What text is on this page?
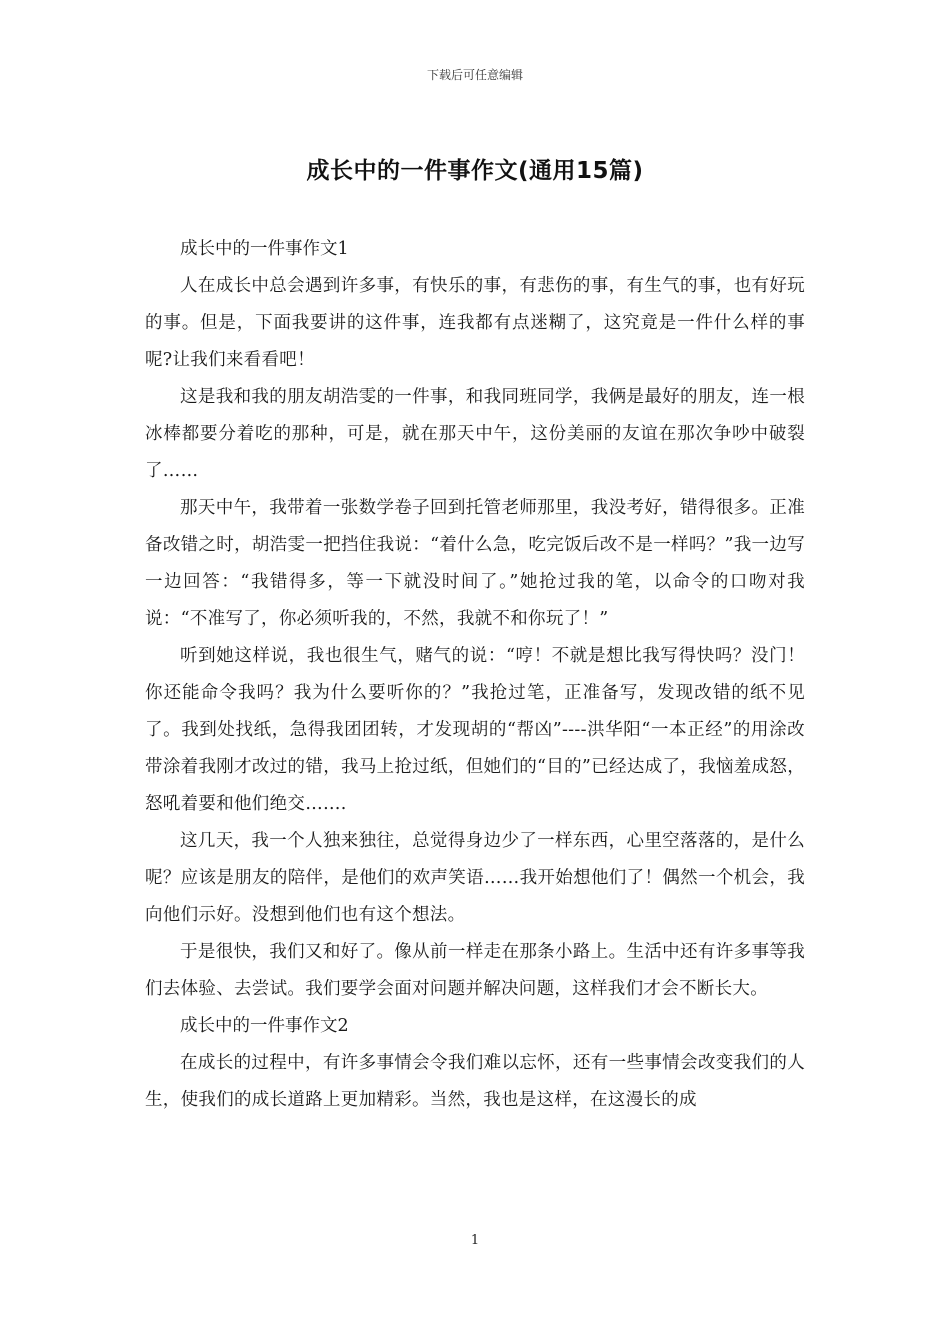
下载后可任意编辑
成长中的一件事作文(通用15篇)

成长中的一件事作文1

人在成长中总会遇到许多事，有快乐的事，有悲伤的事，有生气的事，也有好玩的事。但是，下面我要讲的这件事，连我都有点迷糊了，这究竟是一件什么样的事呢?让我们来看看吧！

这是我和我的朋友胡浩雯的一件事，和我同班同学，我俩是最好的朋友，连一根冰棒都要分着吃的那种，可是，就在那天中午，这份美丽的友谊在那次争吵中破裂了……

那天中午，我带着一张数学卷子回到托管老师那里，我没考好，错得很多。正准备改错之时，胡浩雯一把挡住我说：“着什么急，吃完饭后改不是一样吗？”我一边写一边回答：“我错得多，等一下就没时间了。”她抢过我的笔，以命令的口吻对我说：“不准写了，你必须听我的，不然，我就不和你玩了！”

听到她这样说，我也很生气，赌气的说：“哼！不就是想比我写得快吗？没门！你还能命令我吗？我为什么要听你的？”我抢过笔，正准备写，发现改错的纸不见了。我到处找纸，急得我团团转，才发现胡的“帮凶”----洪华阳“一本正经”的用涂改带涂着我刚才改过的错，我马上抢过纸，但她们的“目的”已经达成了，我恼羞成怒，怒吼着要和他们绝交…….

这几天，我一个人独来独往，总觉得身边少了一样东西，心里空落落的，是什么呢？应该是朋友的陪伴，是他们的欢声笑语……我开始想他们了！偶然一个机会，我向他们示好。没想到他们也有这个想法。

于是很快，我们又和好了。像从前一样走在那条小路上。生活中还有许多事等我们去体验、去尝试。我们要学会面对问题并解决问题，这样我们才会不断长大。

成长中的一件事作文2

在成长的过程中，有许多事情会令我们难以忘怀，还有一些事情会改变我们的人生，使我们的成长道路上更加精彩。当然，我也是这样，在这漫长的成

1
